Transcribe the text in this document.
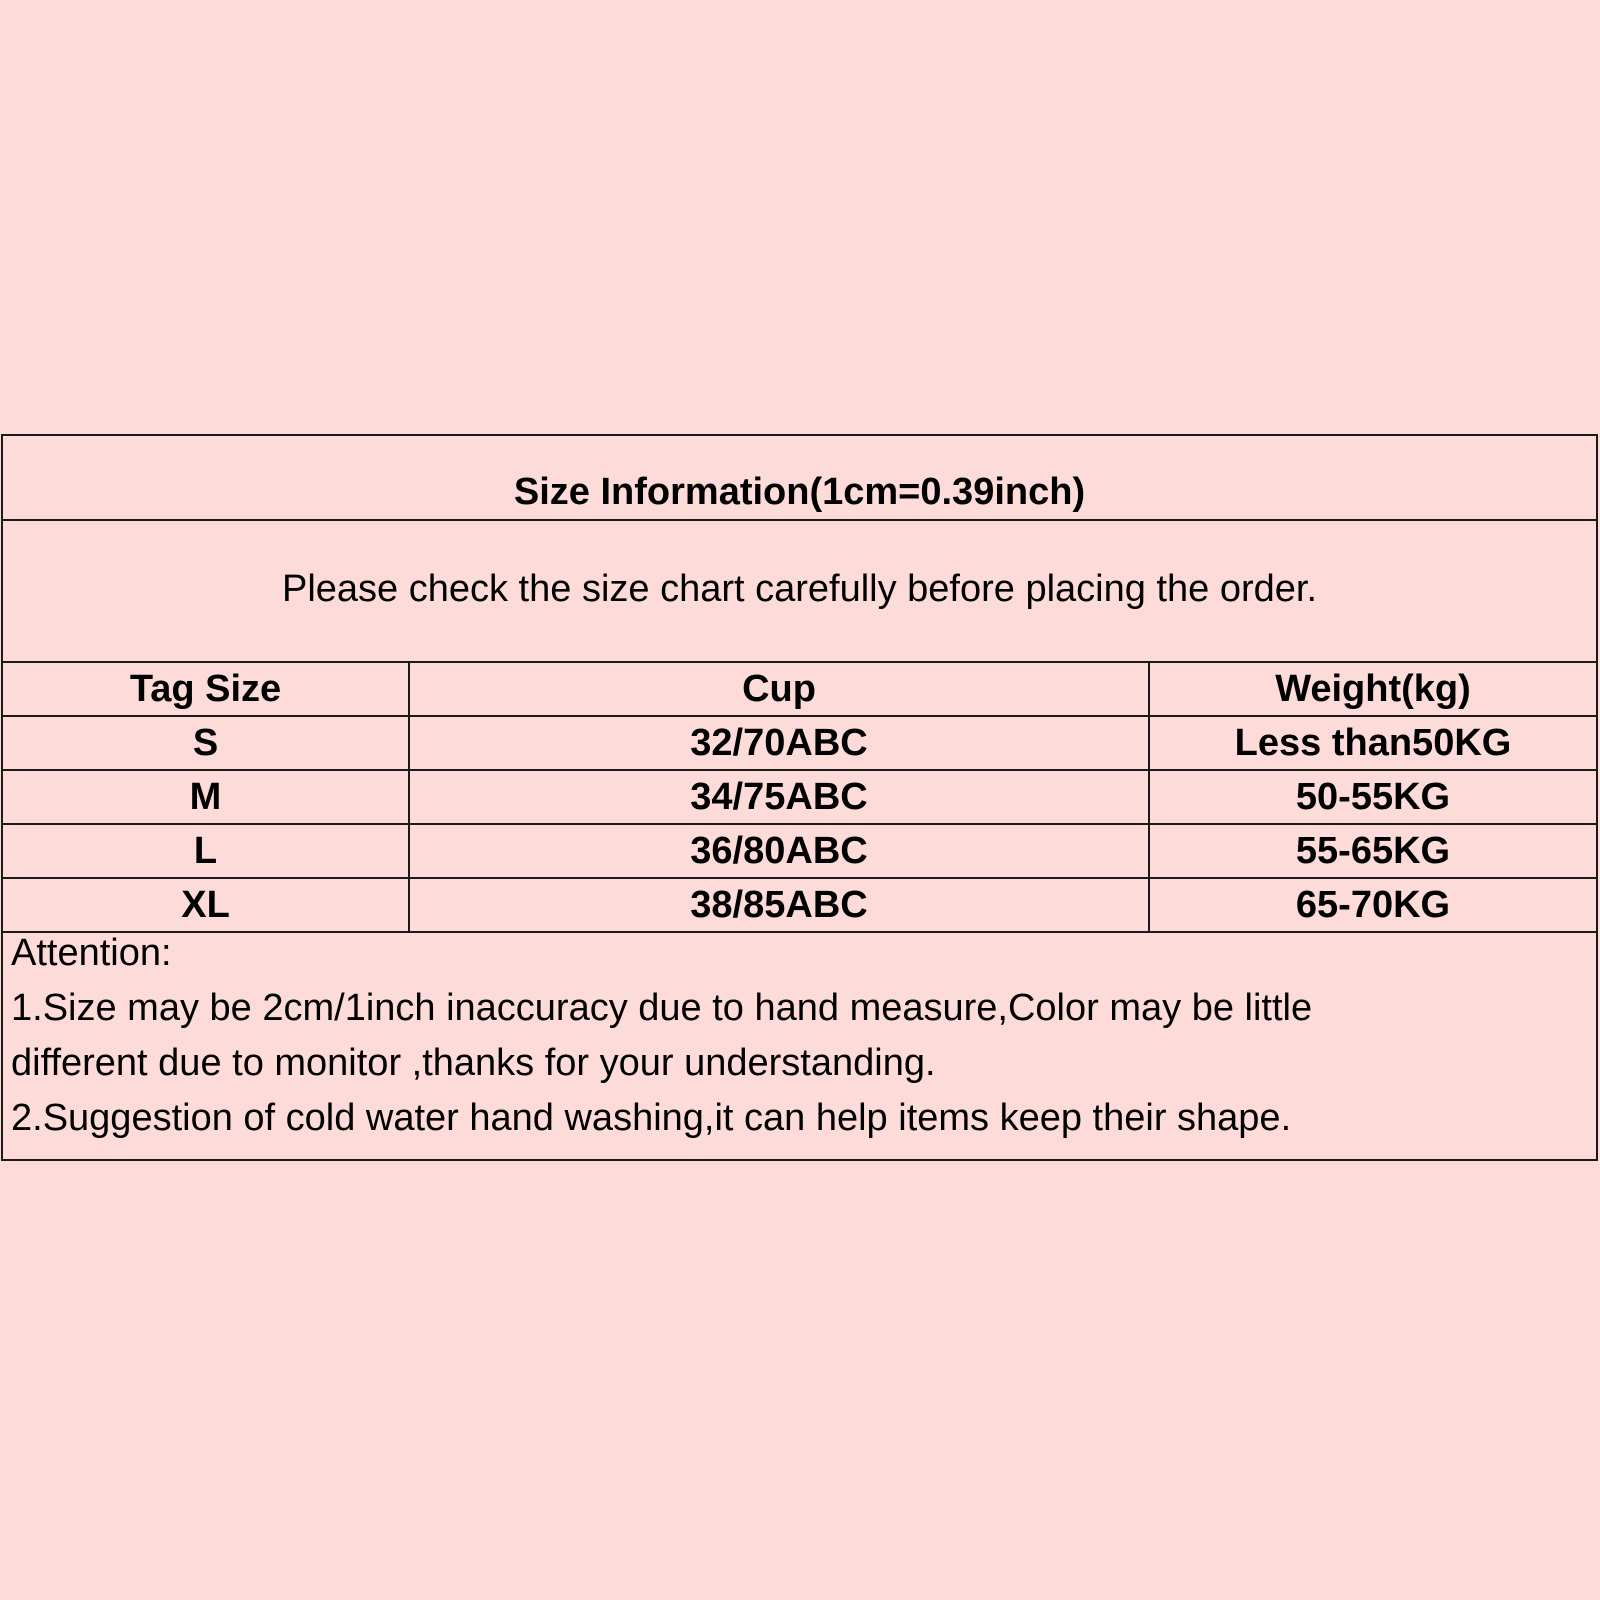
Size Information(1cm=0.39inch)
Please check the size chart carefully before placing the order.
Tag Size	Cup	Weight(kg)
S	32/70ABC	Less than50KG
M	34/75ABC	50-55KG
L	36/80ABC	55-65KG
XL	38/85ABC	65-70KG
Attention:
1.Size may be 2cm/1inch inaccuracy due to hand measure,Color may be little
different due to monitor ,thanks for your understanding.
2.Suggestion of cold water hand washing,it can help items keep their shape.
